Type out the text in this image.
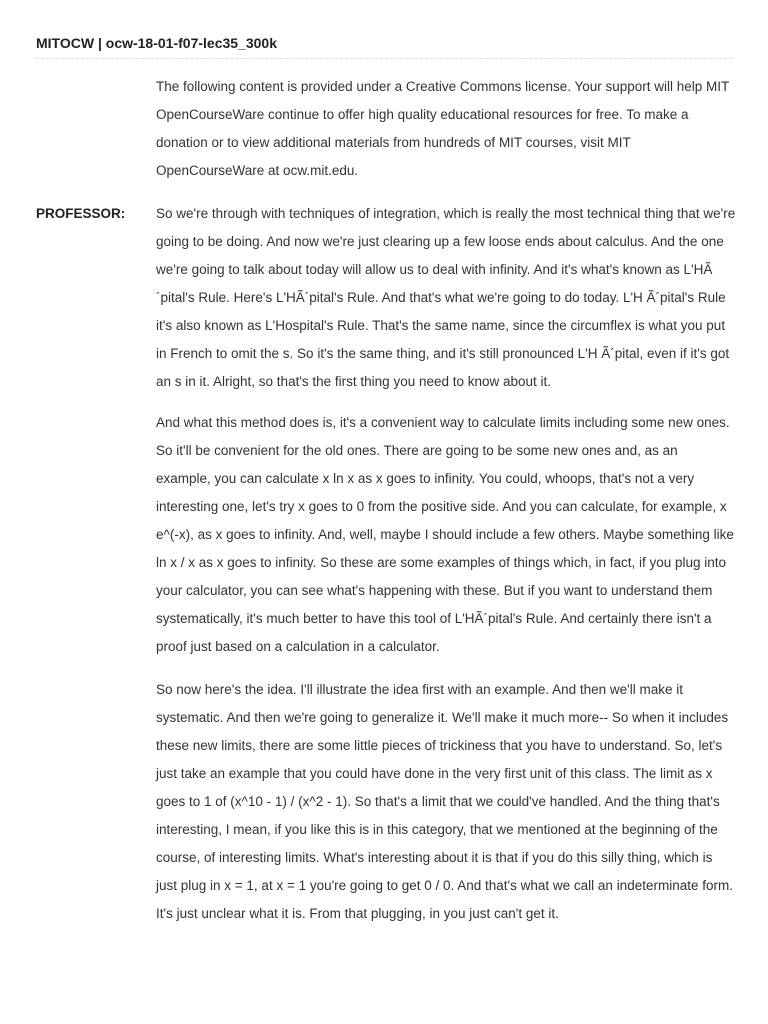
MITOCW | ocw-18-01-f07-lec35_300k

The following content is provided under a Creative Commons license. Your support will help MIT OpenCourseWare continue to offer high quality educational resources for free. To make a donation or to view additional materials from hundreds of MIT courses, visit MIT OpenCourseWare at ocw.mit.edu.

PROFESSOR: So we're through with techniques of integration, which is really the most technical thing that we're going to be doing. And now we're just clearing up a few loose ends about calculus. And the one we're going to talk about today will allow us to deal with infinity. And it's what's known as L'HÃ´pital's Rule. Here's L'HÃ´pital's Rule. And that's what we're going to do today. L'H Ã´pital's Rule it's also known as L'Hospital's Rule. That's the same name, since the circumflex is what you put in French to omit the s. So it's the same thing, and it's still pronounced L'H Ã´pital, even if it's got an s in it. Alright, so that's the first thing you need to know about it.

And what this method does is, it's a convenient way to calculate limits including some new ones. So it'll be convenient for the old ones. There are going to be some new ones and, as an example, you can calculate x ln x as x goes to infinity. You could, whoops, that's not a very interesting one, let's try x goes to 0 from the positive side. And you can calculate, for example, x e^(-x), as x goes to infinity. And, well, maybe I should include a few others. Maybe something like ln x / x as x goes to infinity. So these are some examples of things which, in fact, if you plug into your calculator, you can see what's happening with these. But if you want to understand them systematically, it's much better to have this tool of L'HÃ´pital's Rule. And certainly there isn't a proof just based on a calculation in a calculator.

So now here's the idea. I'll illustrate the idea first with an example. And then we'll make it systematic. And then we're going to generalize it. We'll make it much more-- So when it includes these new limits, there are some little pieces of trickiness that you have to understand. So, let's just take an example that you could have done in the very first unit of this class. The limit as x goes to 1 of (x^10 - 1) / (x^2 - 1). So that's a limit that we could've handled. And the thing that's interesting, I mean, if you like this is in this category, that we mentioned at the beginning of the course, of interesting limits. What's interesting about it is that if you do this silly thing, which is just plug in x = 1, at x = 1 you're going to get 0 / 0. And that's what we call an indeterminate form. It's just unclear what it is. From that plugging, in you just can't get it.
